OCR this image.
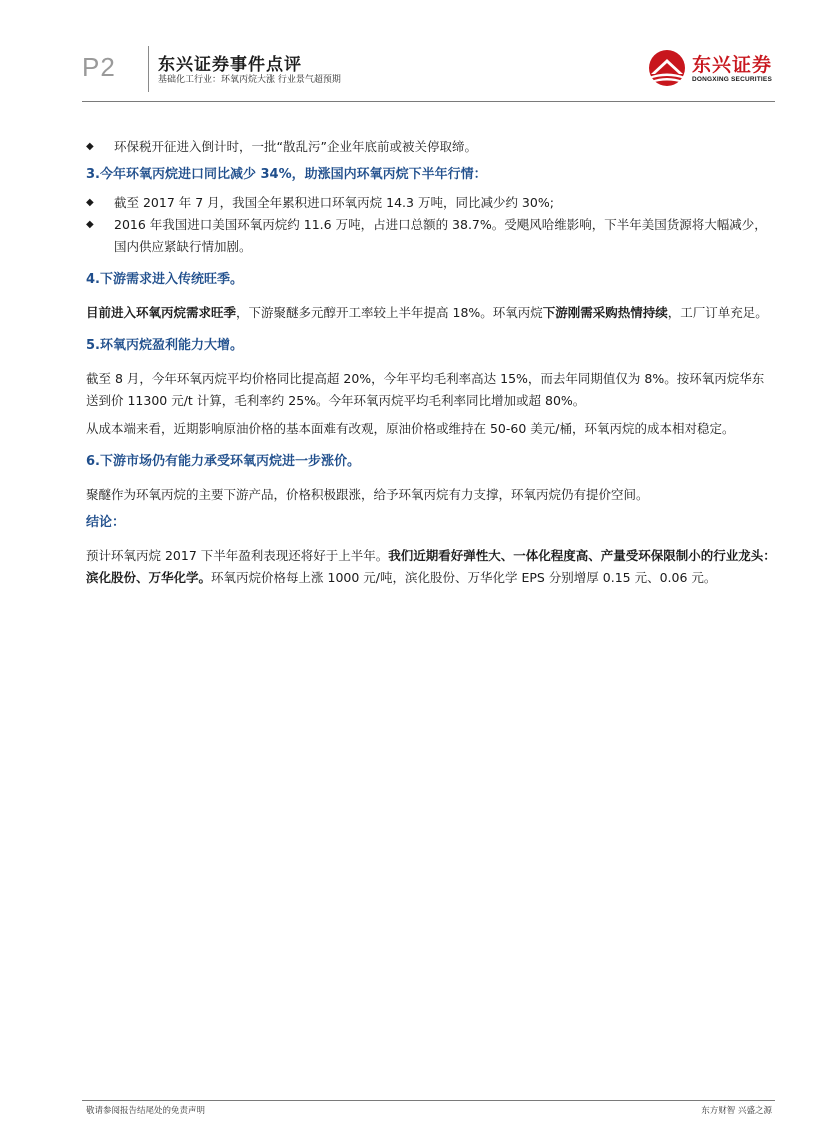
P2 东兴证券事件点评
基础化工行业：环氧丙烷大涨 行业景气超预期
东兴证券
DONGXING SECURITIES

◆ 环保税开征进入倒计时，一批“散乱污”企业年底前或被关停取缔。

3.今年环氧丙烷进口同比减少 34%，助涨国内环氧丙烷下半年行情：

◆ 截至 2017 年 7 月，我国全年累积进口环氧丙烷 14.3 万吨，同比减少约 30%;

◆ 2016 年我国进口美国环氧丙烷约 11.6 万吨，占进口总额的 38.7%。受飓风哈维影响，下半年美国货源将大幅减少，国内供应紧缺行情加剧。

4.下游需求进入传统旺季。

目前进入环氧丙烷需求旺季，下游聚醚多元醇开工率较上半年提高 18%。环氧丙烷下游刚需采购热情持续，工厂订单充足。

5.环氧丙烷盈利能力大增。

截至 8 月，今年环氧丙烷平均价格同比提高超 20%，今年平均毛利率高达 15%，而去年同期值仅为 8%。按环氧丙烷华东送到价 11300 元/t 计算，毛利率约 25%。今年环氧丙烷平均毛利率同比增加或超 80%。

从成本端来看，近期影响原油价格的基本面难有改观，原油价格或维持在 50-60 美元/桶，环氧丙烷的成本相对稳定。

6.下游市场仍有能力承受环氧丙烷进一步涨价。

聚醚作为环氧丙烷的主要下游产品，价格积极跟涨，给予环氧丙烷有力支撑，环氧丙烷仍有提价空间。

结论：

预计环氧丙烷 2017 下半年盈利表现还将好于上半年。我们近期看好弹性大、一体化程度高、产量受环保限制小的行业龙头：滨化股份、万华化学。环氧丙烷价格每上涨 1000 元/吨，滨化股份、万华化学 EPS 分别增厚 0.15 元、0.06 元。

敬请参阅报告结尾处的免责声明	东方财智 兴盛之源
